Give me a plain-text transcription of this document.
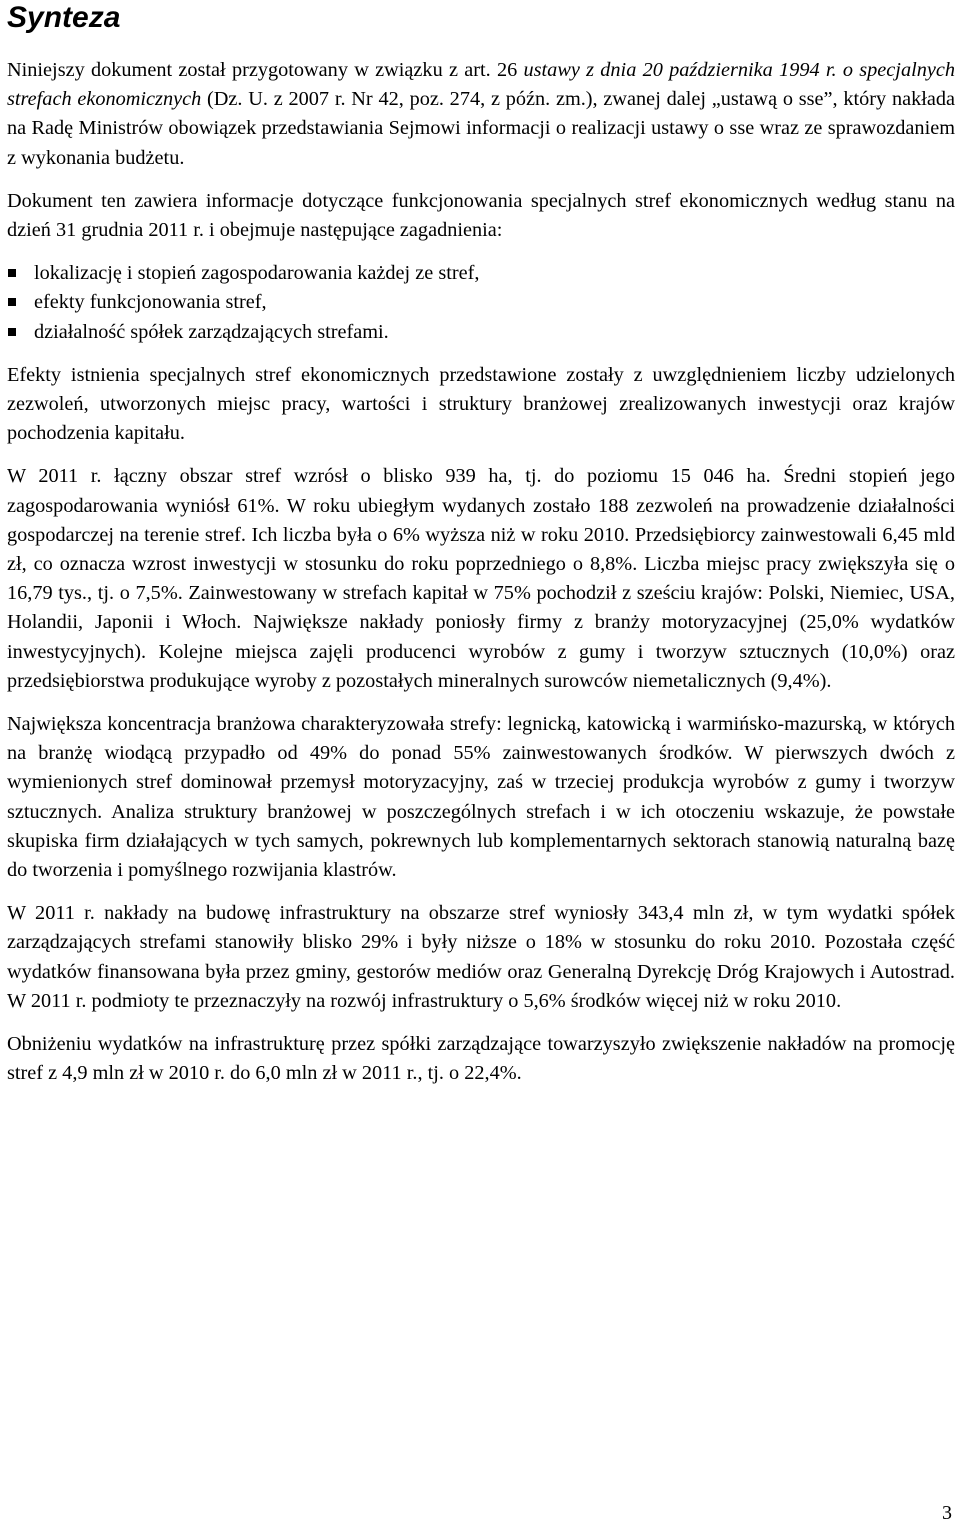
Synteza

Niniejszy dokument został przygotowany w związku z art. 26 ustawy z dnia 20 października 1994 r. o specjalnych strefach ekonomicznych (Dz. U. z 2007 r. Nr 42, poz. 274, z późn. zm.), zwanej dalej „ustawą o sse”, który nakłada na Radę Ministrów obowiązek przedstawiania Sejmowi informacji o realizacji ustawy o sse wraz ze sprawozdaniem z wykonania budżetu.

Dokument ten zawiera informacje dotyczące funkcjonowania specjalnych stref ekonomicznych według stanu na dzień 31 grudnia 2011 r. i obejmuje następujące zagadnienia:

lokalizację i stopień zagospodarowania każdej ze stref,
efekty funkcjonowania stref,
działalność spółek zarządzających strefami.

Efekty istnienia specjalnych stref ekonomicznych przedstawione zostały z uwzględnieniem liczby udzielonych zezwoleń, utworzonych miejsc pracy, wartości i struktury branżowej zrealizowanych inwestycji oraz krajów pochodzenia kapitału.

W 2011 r. łączny obszar stref wzrósł o blisko 939 ha, tj. do poziomu 15 046 ha. Średni stopień jego zagospodarowania wyniósł 61%. W roku ubiegłym wydanych zostało 188 zezwoleń na prowadzenie działalności gospodarczej na terenie stref. Ich liczba była o 6% wyższa niż w roku 2010. Przedsiębiorcy zainwestowali 6,45 mld zł, co oznacza wzrost inwestycji w stosunku do roku poprzedniego o 8,8%. Liczba miejsc pracy zwiększyła się o 16,79 tys., tj. o 7,5%. Zainwestowany w strefach kapitał w 75% pochodził z sześciu krajów: Polski, Niemiec, USA, Holandii, Japonii i Włoch. Największe nakłady poniosły firmy z branży motoryzacyjnej (25,0% wydatków inwestycyjnych). Kolejne miejsca zajęli producenci wyrobów z gumy i tworzyw sztucznych (10,0%) oraz przedsiębiorstwa produkujące wyroby z pozostałych mineralnych surowców niemetalicznych (9,4%).

Największa koncentracja branżowa charakteryzowała strefy: legnicką, katowicką i warmińsko-mazurską, w których na branżę wiodącą przypadło od 49% do ponad 55% zainwestowanych środków. W pierwszych dwóch z wymienionych stref dominował przemysł motoryzacyjny, zaś w trzeciej produkcja wyrobów z gumy i tworzyw sztucznych. Analiza struktury branżowej w poszczególnych strefach i w ich otoczeniu wskazuje, że powstałe skupiska firm działających w tych samych, pokrewnych lub komplementarnych sektorach stanowią naturalną bazę do tworzenia i pomyślnego rozwijania klastrów.

W 2011 r. nakłady na budowę infrastruktury na obszarze stref wyniosły 343,4 mln zł, w tym wydatki spółek zarządzających strefami stanowiły blisko 29% i były niższe o 18% w stosunku do roku 2010. Pozostała część wydatków finansowana była przez gminy, gestorów mediów oraz Generalną Dyrekcję Dróg Krajowych i Autostrad. W 2011 r. podmioty te przeznaczyły na rozwój infrastruktury o 5,6% środków więcej niż w roku 2010.

Obniżeniu wydatków na infrastrukturę przez spółki zarządzające towarzyszyło zwiększenie nakładów na promocję stref z 4,9 mln zł w 2010 r. do 6,0 mln zł w 2011 r., tj. o 22,4%.

3
